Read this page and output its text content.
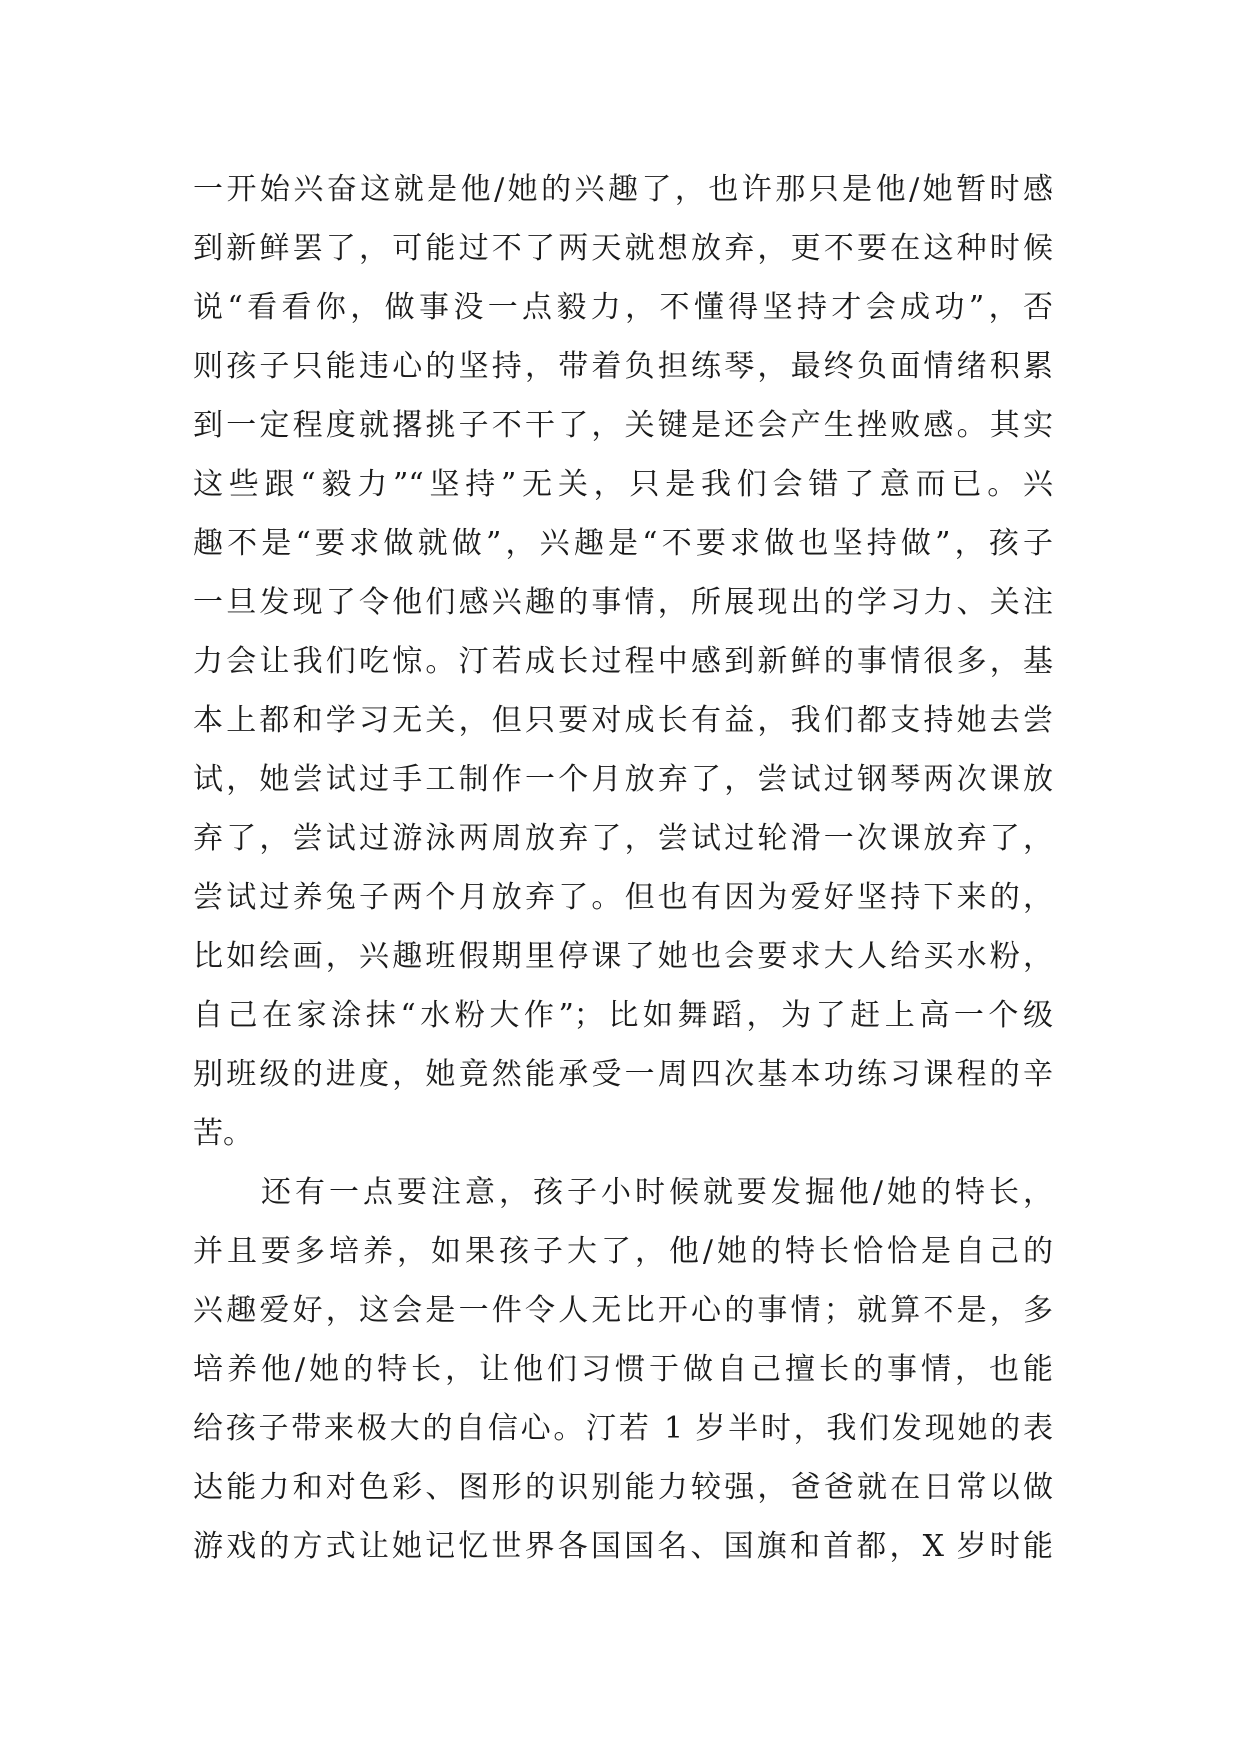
一开始兴奋这就是他/她的兴趣了，也许那只是他/她暂时感
到新鲜罢了，可能过不了两天就想放弃，更不要在这种时候
说“看看你，做事没一点毅力，不懂得坚持才会成功”，否
则孩子只能违心的坚持，带着负担练琴，最终负面情绪积累
到一定程度就撂挑子不干了，关键是还会产生挫败感。其实
这些跟“毅力”“坚持”无关，只是我们会错了意而已。兴
趣不是“要求做就做”，兴趣是“不要求做也坚持做”，孩子
一旦发现了令他们感兴趣的事情，所展现出的学习力、关注
力会让我们吃惊。汀若成长过程中感到新鲜的事情很多，基
本上都和学习无关，但只要对成长有益，我们都支持她去尝
试，她尝试过手工制作一个月放弃了，尝试过钢琴两次课放
弃了，尝试过游泳两周放弃了，尝试过轮滑一次课放弃了，
尝试过养兔子两个月放弃了。但也有因为爱好坚持下来的，
比如绘画，兴趣班假期里停课了她也会要求大人给买水粉，
自己在家涂抹“水粉大作”；比如舞蹈，为了赶上高一个级
别班级的进度，她竟然能承受一周四次基本功练习课程的辛
苦。
还有一点要注意，孩子小时候就要发掘他/她的特长，
并且要多培养，如果孩子大了，他/她的特长恰恰是自己的
兴趣爱好，这会是一件令人无比开心的事情；就算不是，多
培养他/她的特长，让他们习惯于做自己擅长的事情，也能
给孩子带来极大的自信心。汀若 1 岁半时，我们发现她的表
达能力和对色彩、图形的识别能力较强，爸爸就在日常以做
游戏的方式让她记忆世界各国国名、国旗和首都，X 岁时能
